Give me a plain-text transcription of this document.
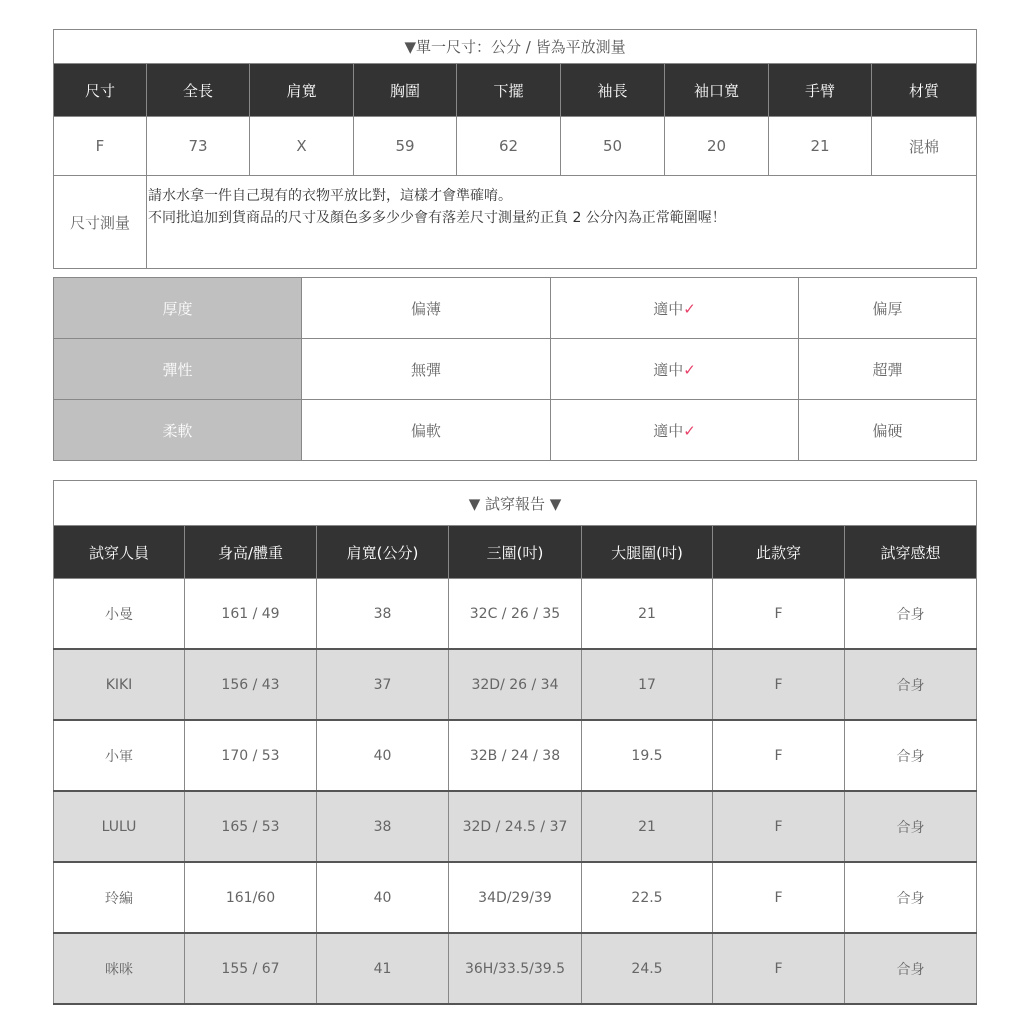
▼單一尺寸：公分 / 皆為平放測量								
尺寸	全長	肩寬	胸圍	下擺	袖長	袖口寬	手臂	材質
F	73	X	59	62	50	20	21	混棉
尺寸測量	請水水拿一件自己現有的衣物平放比對，這樣才會準確唷。
不同批追加到貨商品的尺寸及顏色多多少少會有落差尺寸測量約正負 2 公分內為正常範圍喔！							
厚度	偏薄	適中✓	偏厚
彈性	無彈	適中✓	超彈
柔軟	偏軟	適中✓	偏硬
▼ 試穿報告 ▼						
試穿人員	身高/體重	肩寬(公分)	三圍(吋)	大腿圍(吋)	此款穿	試穿感想
小曼	161 / 49	38	32C / 26 / 35	21	F	合身
KIKI	156 / 43	37	32D/ 26 / 34	17	F	合身
小軍	170 / 53	40	32B / 24 / 38	19.5	F	合身
LULU	165 / 53	38	32D / 24.5 / 37	21	F	合身
玲編	161/60	40	34D/29/39	22.5	F	合身
咪咪	155 / 67	41	36H/33.5/39.5	24.5	F	合身
